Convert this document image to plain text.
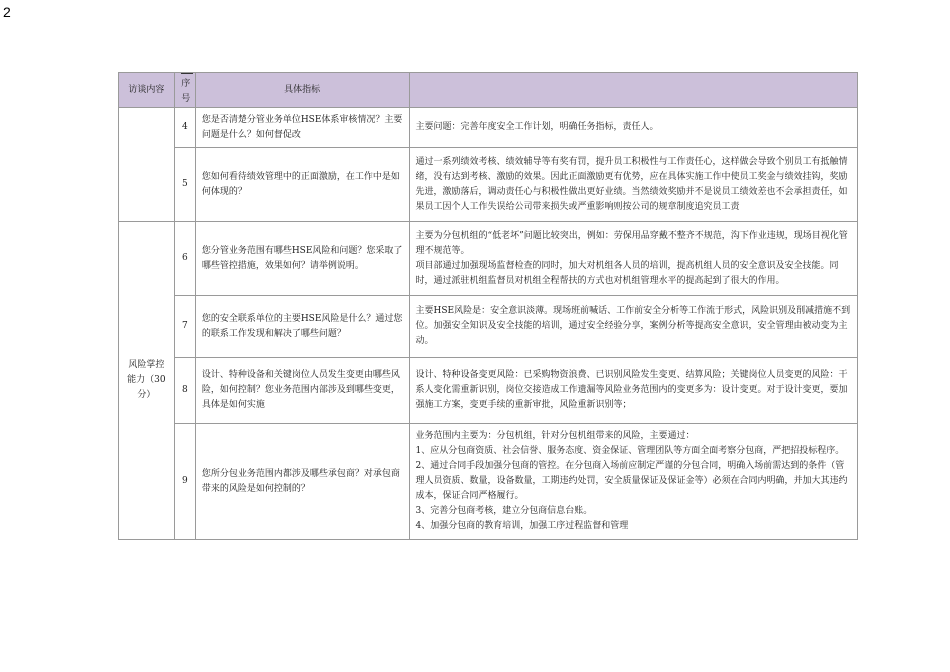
2
访谈内容	序号	具体指标	
	4	您是否清楚分管业务单位HSE体系审核情况？主要问题是什么？如何督促改	主要问题：完善年度安全工作计划，明确任务指标，责任人。

	5	您如何看待绩效管理中的正面激励，在工作中是如何体现的？	通过一系列绩效考核、绩效辅导等有奖有罚，提升员工积极性与工作责任心，这样做会导致个别员工有抵触情绪，没有达到考核、激励的效果。因此正面激励更有优势，应在具体实施工作中使员工奖金与绩效挂钩，奖励先进，激励落后，调动责任心与积极性做出更好业绩。当然绩效奖励并不是说员工绩效差也不会承担责任，如果员工因个人工作失误给公司带来损失或严重影响则按公司的规章制度追究员工责

风险掌控能力（30分）	6	您分管业务范围有哪些HSE风险和问题？您采取了哪些管控措施，效果如何？请举例说明。	主要为分包机组的“低老坏”问题比较突出，例如：劳保用品穿戴不整齐不规范，沟下作业违规，现场目视化管理不规范等。
项目部通过加强现场监督检查的同时，加大对机组各人员的培训，提高机组人员的安全意识及安全技能。同时，通过派驻机组监督员对机组全程帮扶的方式也对机组管理水平的提高起到了很大的作用。

	7	您的安全联系单位的主要HSE风险是什么？通过您的联系工作发现和解决了哪些问题？	主要HSE风险是：安全意识淡薄。现场班前喊话、工作前安全分析等工作流于形式，风险识别及削减措施不到位。加强安全知识及安全技能的培训，通过安全经验分享，案例分析等提高安全意识，安全管理由被动变为主动。

	8	设计、特种设备和关键岗位人员发生变更由哪些风险，如何控制？您业务范围内部涉及到哪些变更，具体是如何实施	设计、特种设备变更风险：已采购物资浪费、已识别风险发生变更、结算风险；关键岗位人员变更的风险：干系人变化需重新识别，岗位交接造成工作遗漏等风险业务范围内的变更多为：设计变更。对于设计变更，要加强施工方案，变更手续的重新审批，风险重新识别等；

	9	您所分包业务范围内都涉及哪些承包商？对承包商带来的风险是如何控制的？	业务范围内主要为：分包机组，针对分包机组带来的风险，主要通过：
1、应从分包商资质、社会信誉、服务态度、资金保证、管理团队等方面全面考察分包商，严把招投标程序。
2、通过合同手段加强分包商的管控。在分包商入场前应制定严谨的分包合同，明确入场前需达到的条件（管理人员资质、数量，设备数量，工期违约处罚，安全质量保证及保证金等）必须在合同内明确，并加大其违约成本，保证合同严格履行。
3、完善分包商考核，建立分包商信息台账。
4、加强分包商的教育培训，加强工序过程监督和管理
